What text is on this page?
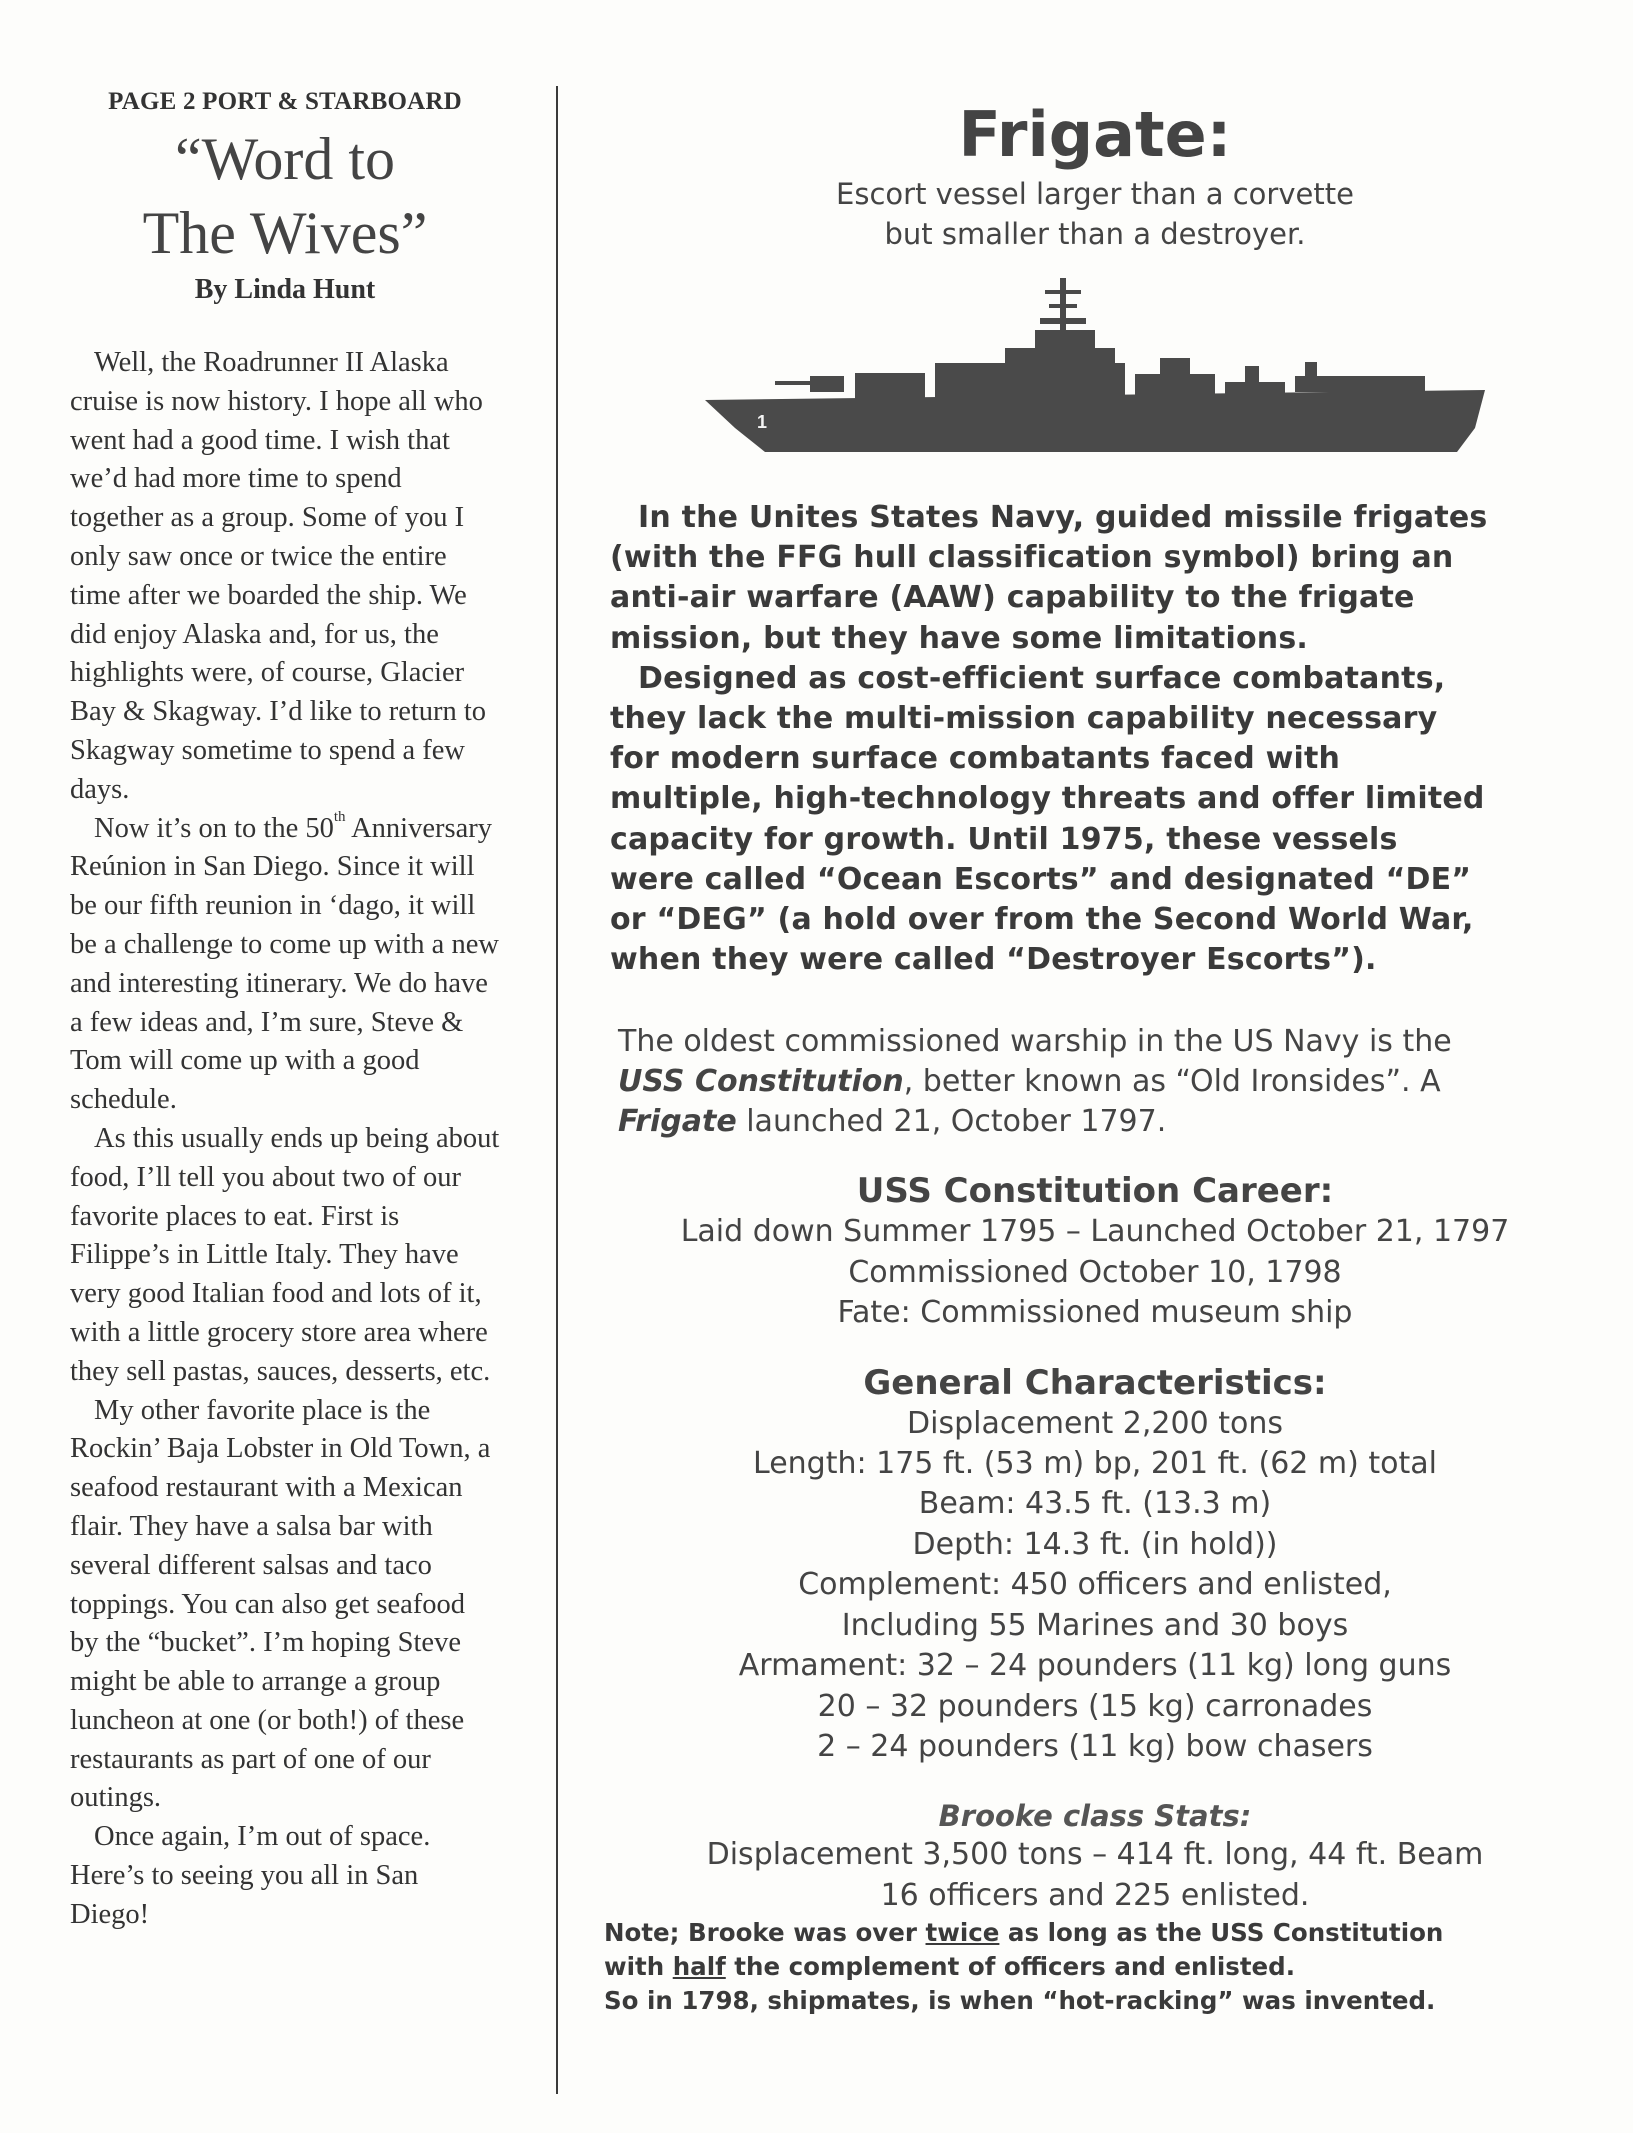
PAGE 2 PORT & STARBOARD
“Word to
The Wives”
By Linda Hunt

Well, the Roadrunner II Alaska cruise is now history. I hope all who went had a good time. I wish that we’d had more time to spend together as a group. Some of you I only saw once or twice the entire time after we boarded the ship. We did enjoy Alaska and, for us, the highlights were, of course, Glacier Bay & Skagway. I’d like to return to Skagway sometime to spend a few days.

Now it’s on to the 50th Anniversary Reúnion in San Diego. Since it will be our fifth reunion in ‘dago, it will be a challenge to come up with a new and interesting itinerary. We do have a few ideas and, I’m sure, Steve & Tom will come up with a good schedule.

As this usually ends up being about food, I’ll tell you about two of our favorite places to eat. First is Filippe’s in Little Italy. They have very good Italian food and lots of it, with a little grocery store area where they sell pastas, sauces, desserts, etc.

My other favorite place is the Rockin’ Baja Lobster in Old Town, a seafood restaurant with a Mexican flair. They have a salsa bar with several different salsas and taco toppings. You can also get seafood by the “bucket”. I’m hoping Steve might be able to arrange a group luncheon at one (or both!) of these restaurants as part of one of our outings.

Once again, I’m out of space. Here’s to seeing you all in San Diego!

Frigate:
Escort vessel larger than a corvette
but smaller than a destroyer.
1
In the Unites States Navy, guided missile frigates
(with the FFG hull classification symbol) bring an
anti-air warfare (AAW) capability to the frigate
mission, but they have some limitations.
Designed as cost-efficient surface combatants,
they lack the multi-mission capability necessary
for modern surface combatants faced with
multiple, high-technology threats and offer limited
capacity for growth. Until 1975, these vessels
were called “Ocean Escorts” and designated “DE”
or “DEG” (a hold over from the Second World War,
when they were called “Destroyer Escorts”).
The oldest commissioned warship in the US Navy is the
USS Constitution, better known as “Old Ironsides”. A
Frigate launched 21, October 1797.
USS Constitution Career:
Laid down Summer 1795 – Launched October 21, 1797
Commissioned October 10, 1798
Fate: Commissioned museum ship
General Characteristics:
Displacement 2,200 tons
Length: 175 ft. (53 m) bp, 201 ft. (62 m) total
Beam: 43.5 ft. (13.3 m)
Depth: 14.3 ft. (in hold))
Complement: 450 officers and enlisted,
Including 55 Marines and 30 boys
Armament: 32 – 24 pounders (11 kg) long guns
20 – 32 pounders (15 kg) carronades
2 – 24 pounders (11 kg) bow chasers
Brooke class Stats:
Displacement 3,500 tons – 414 ft. long, 44 ft. Beam
16 officers and 225 enlisted.
Note; Brooke was over twice as long as the USS Constitution
with half the complement of officers and enlisted.
So in 1798, shipmates, is when “hot-racking” was invented.
